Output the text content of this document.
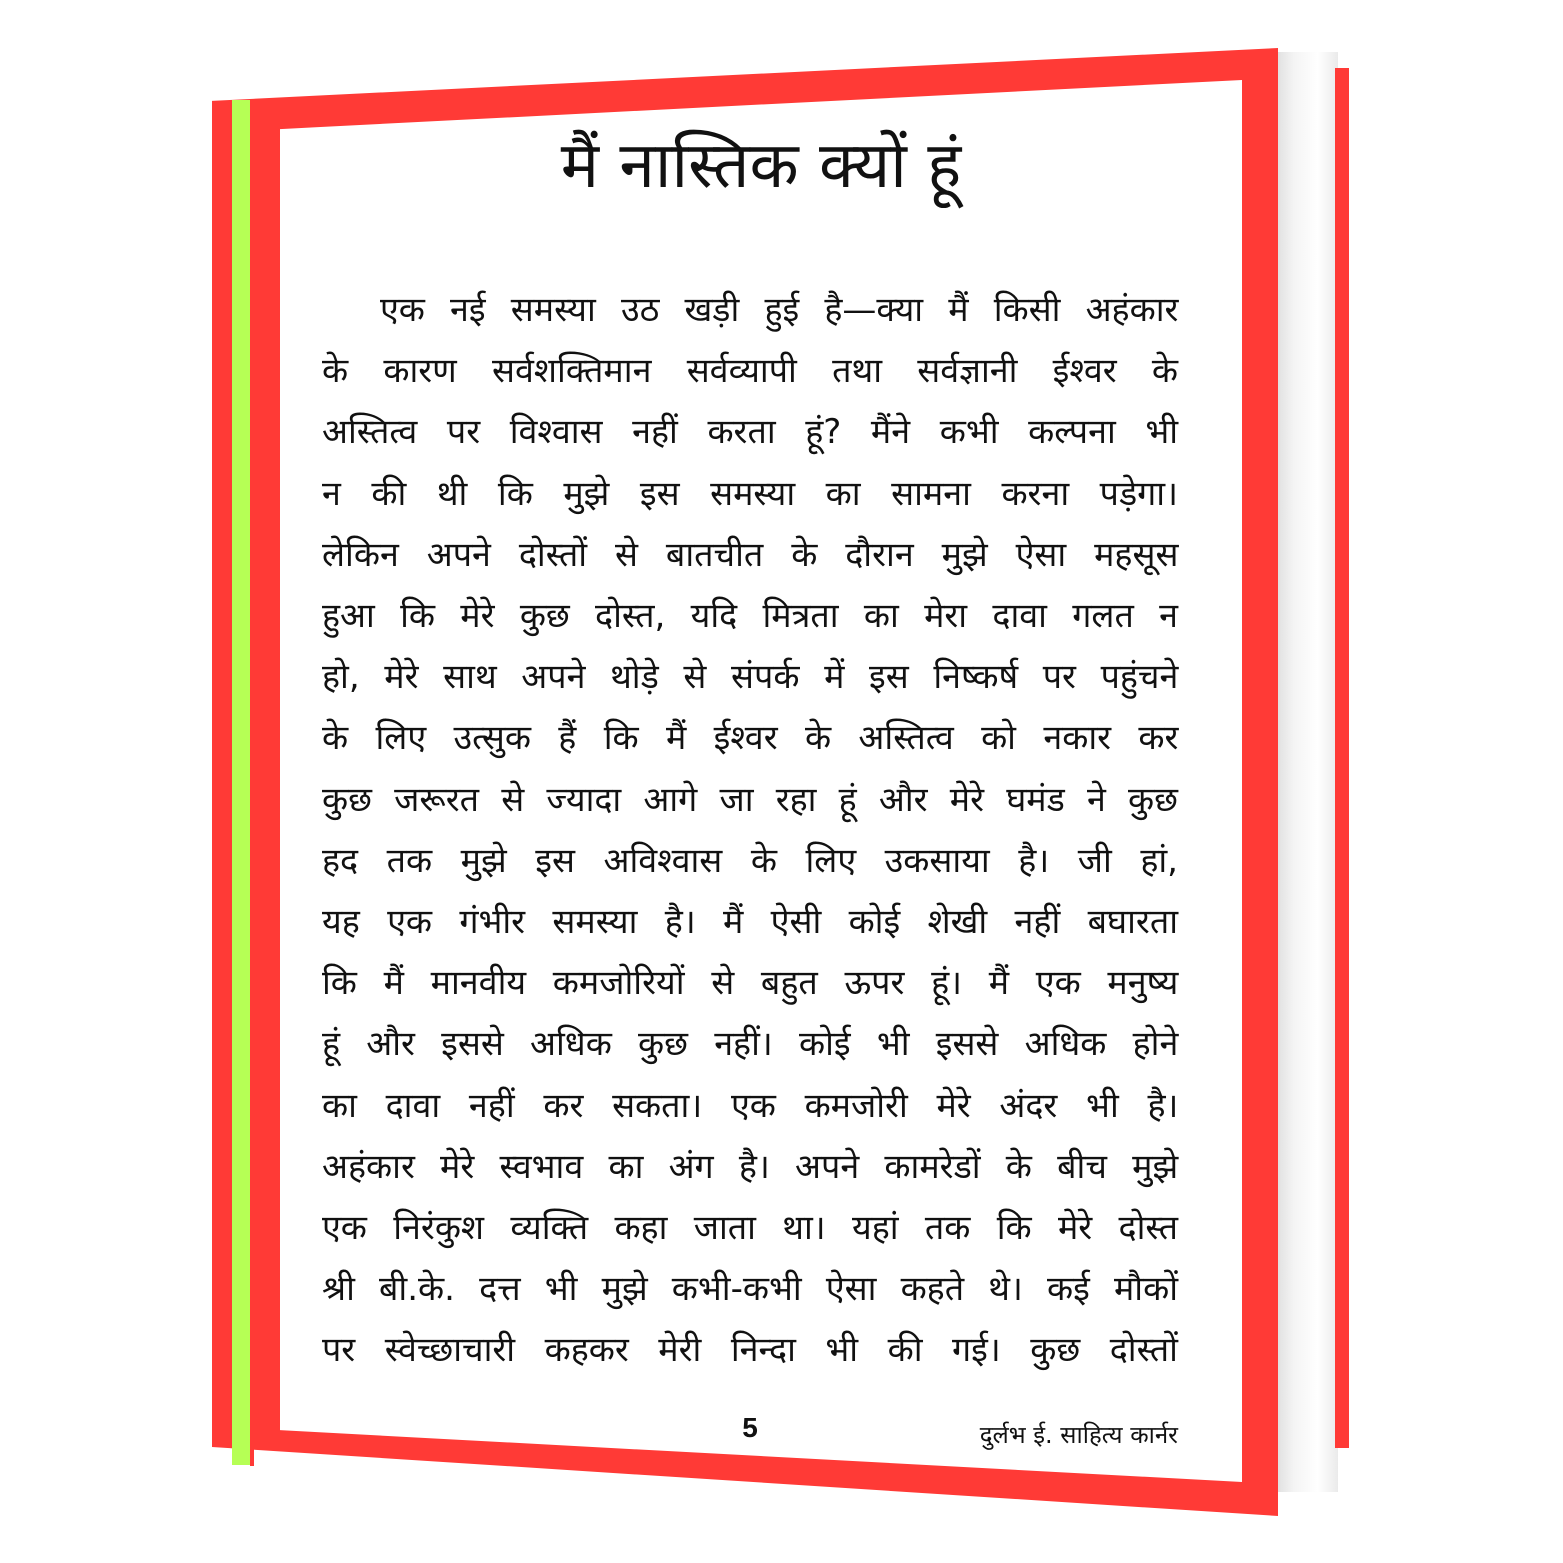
मैं नास्तिक क्यों हूं
एक नई समस्या उठ खड़ी हुई है—क्या मैं किसी अहंकार
के कारण सर्वशक्तिमान सर्वव्यापी तथा सर्वज्ञानी ईश्वर के
अस्तित्व पर विश्वास नहीं करता हूं? मैंने कभी कल्पना भी
न की थी कि मुझे इस समस्या का सामना करना पड़ेगा।
लेकिन अपने दोस्तों से बातचीत के दौरान मुझे ऐसा महसूस
हुआ कि मेरे कुछ दोस्त, यदि मित्रता का मेरा दावा गलत न
हो, मेरे साथ अपने थोड़े से संपर्क में इस निष्कर्ष पर पहुंचने
के लिए उत्सुक हैं कि मैं ईश्वर के अस्तित्व को नकार कर
कुछ जरूरत से ज्यादा आगे जा रहा हूं और मेरे घमंड ने कुछ
हद तक मुझे इस अविश्वास के लिए उकसाया है। जी हां,
यह एक गंभीर समस्या है। मैं ऐसी कोई शेखी नहीं बघारता
कि मैं मानवीय कमजोरियों से बहुत ऊपर हूं। मैं एक मनुष्य
हूं और इससे अधिक कुछ नहीं। कोई भी इससे अधिक होने
का दावा नहीं कर सकता। एक कमजोरी मेरे अंदर भी है।
अहंकार मेरे स्वभाव का अंग है। अपने कामरेडों के बीच मुझे
एक निरंकुश व्यक्ति कहा जाता था। यहां तक कि मेरे दोस्त
श्री बी.के. दत्त भी मुझे कभी-कभी ऐसा कहते थे। कई मौकों
पर स्वेच्छाचारी कहकर मेरी निन्दा भी की गई। कुछ दोस्तों
5	दुर्लभ ई. साहित्य कार्नर
